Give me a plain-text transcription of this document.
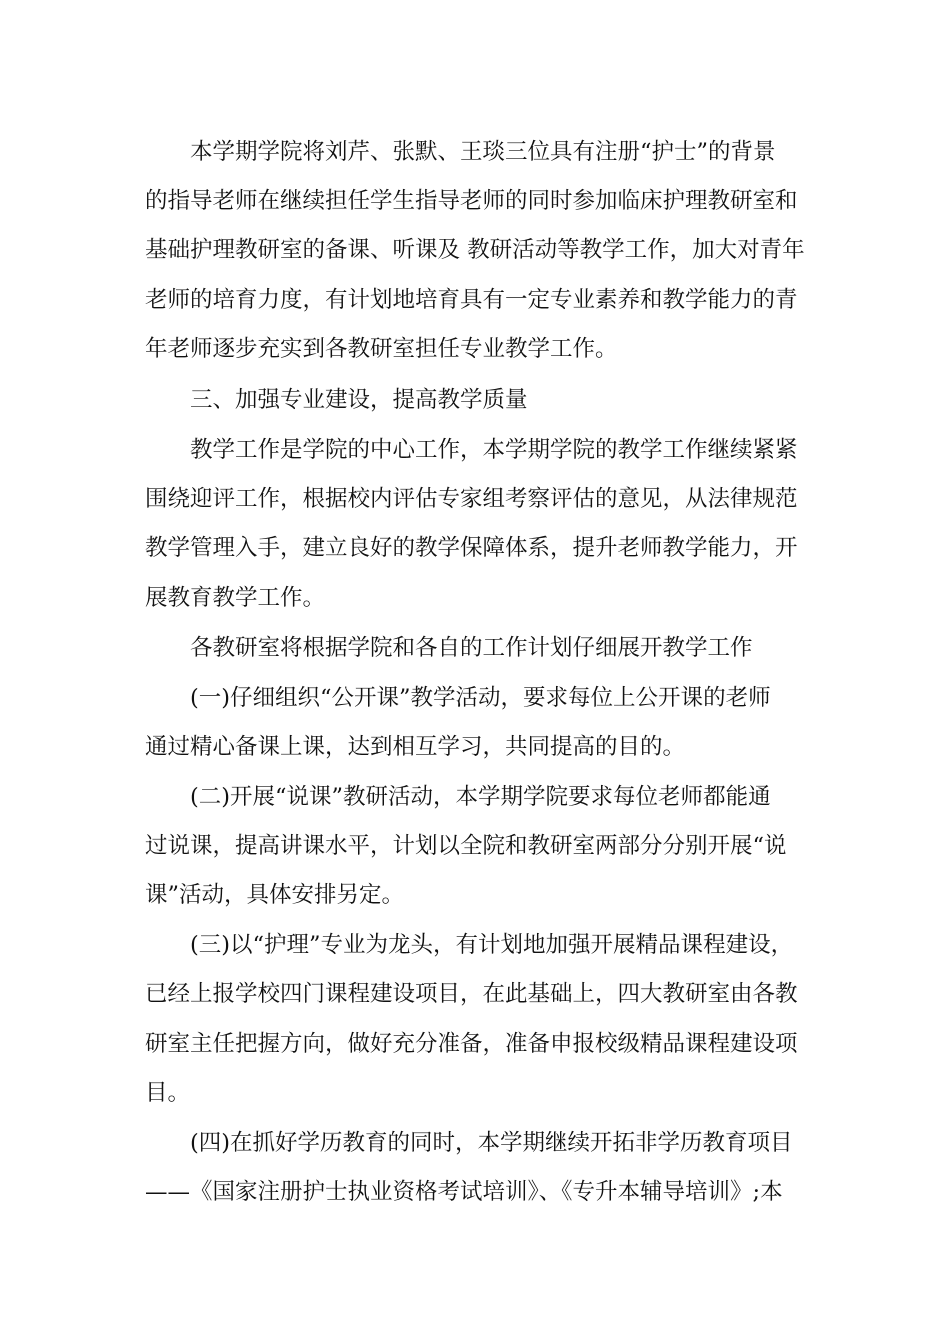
本学期学院将刘芹、张默、王琰三位具有注册“护士”的背景
的指导老师在继续担任学生指导老师的同时参加临床护理教研室和
基础护理教研室的备课、听课及 教研活动等教学工作，加大对青年
老师的培育力度，有计划地培育具有一定专业素养和教学能力的青
年老师逐步充实到各教研室担任专业教学工作。
三、加强专业建设，提高教学质量
教学工作是学院的中心工作，本学期学院的教学工作继续紧紧
围绕迎评工作，根据校内评估专家组考察评估的意见，从法律规范
教学管理入手，建立良好的教学保障体系，提升老师教学能力，开
展教育教学工作。
各教研室将根据学院和各自的工作计划仔细展开教学工作
(一)仔细组织“公开课”教学活动，要求每位上公开课的老师
通过精心备课上课，达到相互学习，共同提高的目的。
(二)开展“说课”教研活动，本学期学院要求每位老师都能通
过说课，提高讲课水平，计划以全院和教研室两部分分别开展“说
课”活动，具体安排另定。
(三)以“护理”专业为龙头，有计划地加强开展精品课程建设，
已经上报学校四门课程建设项目，在此基础上，四大教研室由各教
研室主任把握方向，做好充分准备，准备申报校级精品课程建设项
目。
(四)在抓好学历教育的同时，本学期继续开拓非学历教育项目
——《国家注册护士执业资格考试培训》、《专升本辅导培训》;本
